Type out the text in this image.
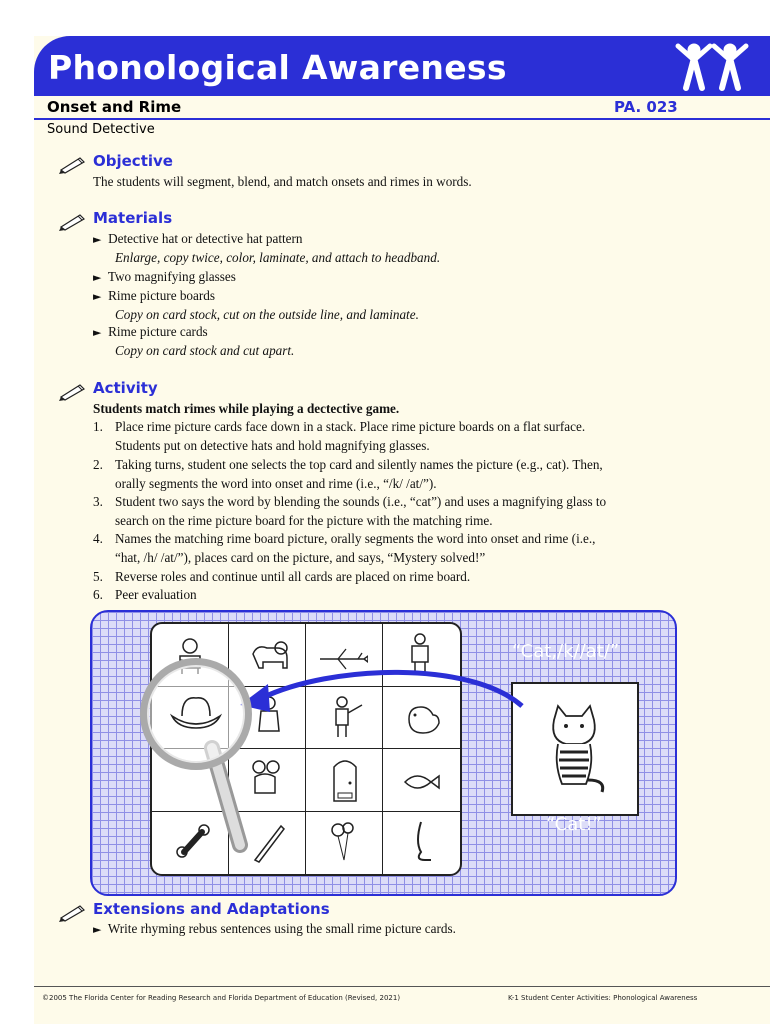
Phonological Awareness
Onset and Rime	PA. 023
Sound Detective
Objective
The students will segment, blend, and match onsets and rimes in words.
Materials
► Detective hat or detective hat pattern
Enlarge, copy twice, color, laminate, and attach to headband.
► Two magnifying glasses
► Rime picture boards
Copy on card stock, cut on the outside line, and laminate.
► Rime picture cards
Copy on card stock and cut apart.
Activity
Students match rimes while playing a dectective game.
1. Place rime picture cards face down in a stack. Place rime picture boards on a flat surface.
Students put on detective hats and hold magnifying glasses.
2. Taking turns, student one selects the top card and silently names the picture (e.g., cat). Then,
orally segments the word into onset and rime (i.e., “/k/ /at/”).
3. Student two says the word by blending the sounds (i.e., “cat”) and uses a magnifying glass to
search on the rime picture board for the picture with the matching rime.
4. Names the matching rime board picture, orally segments the word into onset and rime (i.e.,
“hat, /h/ /at/”), places card on the picture, and says, “Mystery solved!”
5. Reverse roles and continue until all cards are placed on rime board.
6. Peer evaluation
“Cat,/k//at/”
“Cat!”
Extensions and Adaptations
► Write rhyming rebus sentences using the small rime picture cards.
©2005 The Florida Center for Reading Research and Florida Department of Education (Revised, 2021)	K-1 Student Center Activities: Phonological Awareness
